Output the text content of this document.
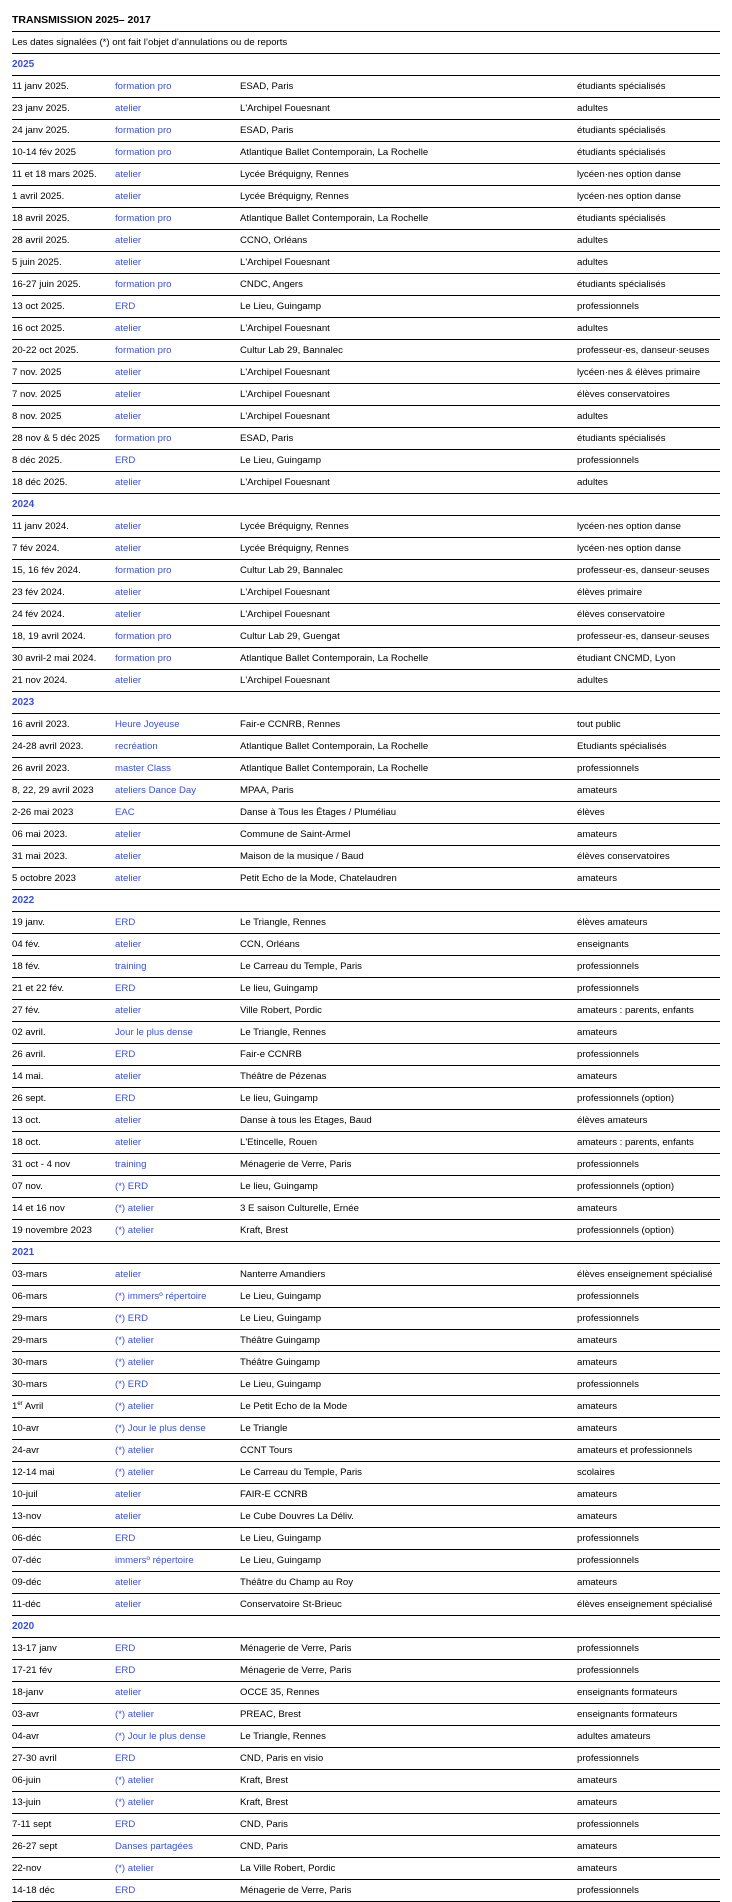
TRANSMISSION 2025– 2017
Les dates signalées (*) ont fait l’objet d’annulations ou de reports
2025
11 janv 2025.	formation pro	ESAD, Paris	étudiants spécialisés
23 janv 2025.	atelier	L'Archipel Fouesnant	adultes
24 janv 2025.	formation pro	ESAD, Paris	étudiants spécialisés
10-14 fév 2025	formation pro	Atlantique Ballet Contemporain, La Rochelle	étudiants spécialisés
11 et 18 mars 2025. atelier	Lycée Bréquigny, Rennes	lycéen·nes option danse
1 avril 2025.	atelier	Lycée Bréquigny, Rennes	lycéen·nes option danse
18 avril 2025.	formation pro	Atlantique Ballet Contemporain, La Rochelle	étudiants spécialisés
28 avril 2025.	atelier	CCNO, Orléans	adultes
5 juin 2025.	atelier	L'Archipel Fouesnant	adultes
16-27 juin 2025.	formation pro	CNDC, Angers	étudiants spécialisés
13 oct 2025.	ERD	Le Lieu, Guingamp	professionnels
16 oct 2025.	atelier	L'Archipel Fouesnant	adultes
20-22 oct 2025.	formation pro	Cultur Lab 29, Bannalec	professeur·es, danseur·seuses
7 nov. 2025	atelier	L'Archipel Fouesnant	lycéen·nes & élèves primaire
7 nov. 2025	atelier	L'Archipel Fouesnant	élèves conservatoires
8 nov. 2025	atelier	L'Archipel Fouesnant	adultes
28 nov & 5 déc 2025 formation pro	ESAD, Paris	étudiants spécialisés
8 déc 2025.	ERD	Le Lieu, Guingamp	professionnels
18 déc 2025.	atelier	L'Archipel Fouesnant	adultes
2024
11 janv 2024.	atelier	Lycée Bréquigny, Rennes	lycéen·nes option danse
7 fév 2024.	atelier	Lycée Bréquigny, Rennes	lycéen·nes option danse
15, 16 fév 2024.	formation pro	Cultur Lab 29, Bannalec	professeur·es, danseur·seuses
23 fév 2024.	atelier	L'Archipel Fouesnant	élèves primaire
24 fév 2024.	atelier	L'Archipel Fouesnant	élèves conservatoire
18, 19 avril 2024.	formation pro	Cultur Lab 29, Guengat	professeur·es, danseur·seuses
30 avril-2 mai 2024. formation pro	Atlantique Ballet Contemporain, La Rochelle	étudiant CNCMD, Lyon
21 nov 2024.	atelier	L'Archipel Fouesnant	adultes
2023
16 avril 2023.	Heure Joyeuse	Fair-e CCNRB, Rennes	tout public
24-28 avril 2023.	recréation	Atlantique Ballet Contemporain, La Rochelle	Etudiants spécialisés
26 avril 2023.	master Class	Atlantique Ballet Contemporain, La Rochelle	professionnels
8, 22, 29 avril 2023 ateliers Dance Day	MPAA, Paris	amateurs
2-26 mai 2023	EAC	Danse à Tous les Étages / Pluméliau	élèves
06 mai 2023.	atelier	Commune de Saint-Armel	amateurs
31 mai 2023.	atelier	Maison de la musique / Baud	élèves conservatoires
5 octobre 2023	atelier	Petit Echo de la Mode, Chatelaudren	amateurs
2022
19 janv.	ERD	Le Triangle, Rennes	élèves amateurs
04 fév.	atelier	CCN, Orléans	enseignants
18 fév.	training	Le Carreau du Temple, Paris	professionnels
21 et 22 fév.	ERD	Le lieu, Guingamp	professionnels
27 fév.	atelier	Ville Robert, Pordic	amateurs : parents, enfants
02 avril.	Jour le plus dense	Le Triangle, Rennes	amateurs
26 avril.	ERD	Fair-e CCNRB	professionnels
14 mai.	atelier	Théâtre de Pézenas	amateurs
26 sept.	ERD	Le lieu, Guingamp	professionnels (option)
13 oct.	atelier	Danse à tous les Etages, Baud	élèves amateurs
18 oct.	atelier	L'Etincelle, Rouen	amateurs : parents, enfants
31 oct - 4 nov	training	Ménagerie de Verre, Paris	professionnels
07 nov.	(*) ERD	Le lieu, Guingamp	professionnels (option)
14 et 16 nov	(*) atelier	3 E saison Culturelle, Ernée	amateurs
19 novembre 2023 (*) atelier	Kraft, Brest	professionnels (option)
2021
03-mars	atelier	Nanterre Amandiers	élèves enseignement spécialisé
06-mars	(*) immersº répertoire	Le Lieu, Guingamp	professionnels
29-mars	(*) ERD	Le Lieu, Guingamp	professionnels
29-mars	(*) atelier	Théâtre Guingamp	amateurs
30-mars	(*) atelier	Théâtre Guingamp	amateurs
30-mars	(*) ERD	Le Lieu, Guingamp	professionnels
1er Avril	(*) atelier	Le Petit Echo de la Mode	amateurs
10-avr	(*) Jour le plus dense	Le Triangle	amateurs
24-avr	(*) atelier	CCNT Tours	amateurs et professionnels
12-14 mai	(*) atelier	Le Carreau du Temple, Paris	scolaires
10-juil	atelier	FAIR-E CCNRB	amateurs
13-nov	atelier	Le Cube Douvres La Déliv.	amateurs
06-déc	ERD	Le Lieu, Guingamp	professionnels
07-déc	immersº répertoire	Le Lieu, Guingamp	professionnels
09-déc	atelier	Théâtre du Champ au Roy	amateurs
11-déc	atelier	Conservatoire St-Brieuc	élèves enseignement spécialisé
2020
13-17 janv	ERD	Ménagerie de Verre, Paris	professionnels
17-21 fév	ERD	Ménagerie de Verre, Paris	professionnels
18-janv	atelier	OCCE 35, Rennes	enseignants formateurs
03-avr	(*) atelier	PREAC, Brest	enseignants formateurs
04-avr	(*) Jour le plus dense	Le Triangle, Rennes	adultes amateurs
27-30 avril	ERD	CND, Paris en visio	professionnels
06-juin	(*) atelier	Kraft, Brest	amateurs
13-juin	(*) atelier	Kraft, Brest	amateurs
7-11 sept	ERD	CND, Paris	professionnels
26-27 sept	Danses partagées	CND, Paris	amateurs
22-nov	(*) atelier	La Ville Robert, Pordic	amateurs
14-18 déc	ERD	Ménagerie de Verre, Paris	professionnels
